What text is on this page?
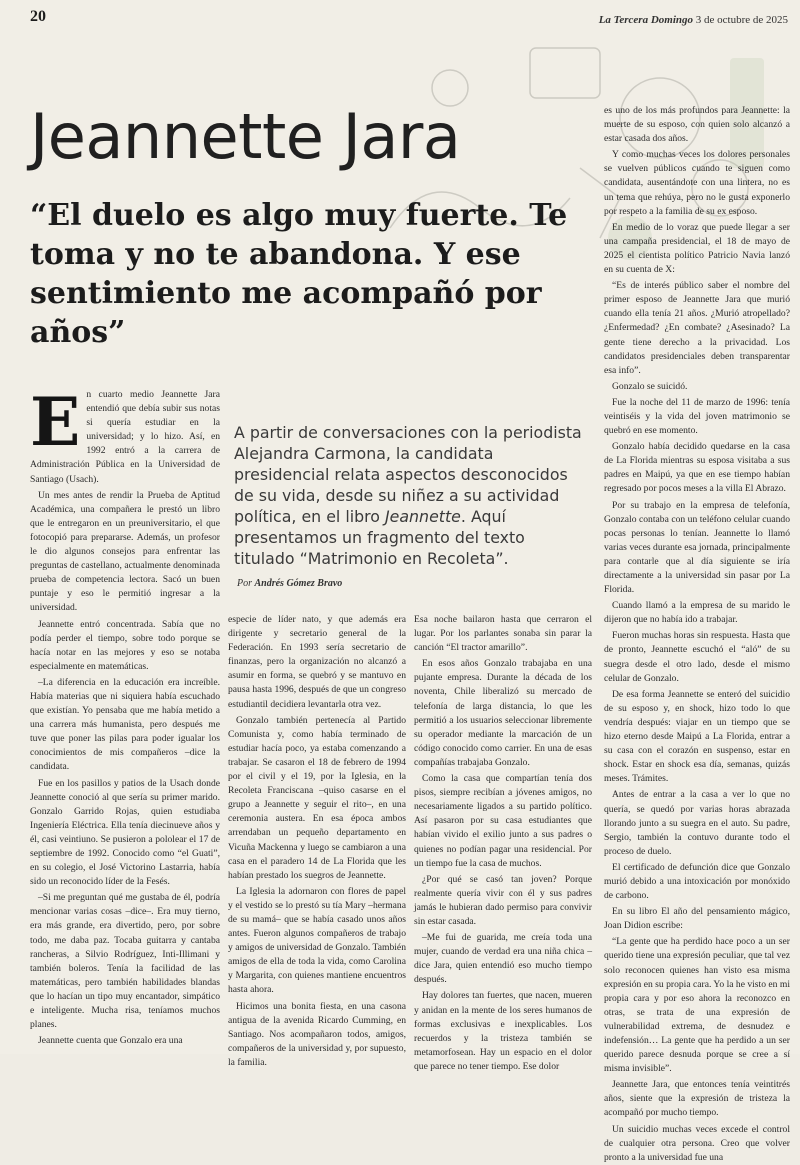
20	La Tercera Domingo 3 de octubre de 2025
Jeannette Jara
“El duelo es algo muy fuerte. Te toma y no te abandona. Y ese sentimiento me acompañó por años”

En cuarto medio Jeannette Jara entendió que debía subir sus notas si quería estudiar en la universidad; y lo hizo. Así, en 1992 entró a la carrera de Administración Pública en la Universidad de Santiago (Usach).

Un mes antes de rendir la Prueba de Aptitud Académica, una compañera le prestó un libro que le entregaron en un preuniversitario, el que fotocopió para prepararse. Además, un profesor le dio algunos consejos para enfrentar las preguntas de castellano, actualmente denominada prueba de competencia lectora. Sacó un buen puntaje y eso le permitió ingresar a la universidad.

Jeannette entró concentrada. Sabía que no podía perder el tiempo, sobre todo porque se hacía notar en las mejores y eso se notaba especialmente en matemáticas.

–La diferencia en la educación era increíble. Había materias que ni siquiera había escuchado que existían. Yo pensaba que me había metido a una carrera más humanista, pero después me tuve que poner las pilas para poder igualar los conocimientos de mis compañeros –dice la candidata.

Fue en los pasillos y patios de la Usach donde Jeannette conoció al que sería su primer marido. Gonzalo Garrido Rojas, quien estudiaba Ingeniería Eléctrica. Ella tenía diecinueve años y él, casi veintiuno. Se pusieron a pololear el 17 de septiembre de 1992. Conocido como “el Guati”, en su colegio, el José Victorino Lastarria, había sido un reconocido líder de la Fesés.

–Si me preguntan qué me gustaba de él, podría mencionar varias cosas –dice–. Era muy tierno, era más grande, era divertido, pero, por sobre todo, me daba paz. Tocaba guitarra y cantaba rancheras, a Silvio Rodríguez, Inti-Illimani y también boleros. Tenía la facilidad de las matemáticas, pero también habilidades blandas que lo hacían un tipo muy encantador, simpático e inteligente. Mucha risa, teníamos muchos planes.

Jeannette cuenta que Gonzalo era una

A partir de conversaciones con la periodista Alejandra Carmona, la candidata presidencial relata aspectos desconocidos de su vida, desde su niñez a su actividad política, en el libro Jeannette. Aquí presentamos un fragmento del texto titulado “Matrimonio en Recoleta”.
Por Andrés Gómez Bravo

especie de líder nato, y que además era dirigente y secretario general de la Federación. En 1993 sería secretario de finanzas, pero la organización no alcanzó a asumir en forma, se quebró y se mantuvo en pausa hasta 1996, después de que un congreso estudiantil decidiera levantarla otra vez.

Gonzalo también pertenecía al Partido Comunista y, como había terminado de estudiar hacía poco, ya estaba comenzando a trabajar. Se casaron el 18 de febrero de 1994 por el civil y el 19, por la Iglesia, en la Recoleta Franciscana –quiso casarse en el grupo a Jeannette y seguir el rito–, en una ceremonia austera. En esa época ambos arrendaban un pequeño departamento en Vicuña Mackenna y luego se cambiaron a una casa en el paradero 14 de La Florida que les habían prestado los suegros de Jeannette.

La Iglesia la adornaron con flores de papel y el vestido se lo prestó su tía Mary –hermana de su mamá– que se había casado unos años antes. Fueron algunos compañeros de trabajo y amigos de universidad de Gonzalo. También amigos de ella de toda la vida, como Carolina y Margarita, con quienes mantiene encuentros hasta ahora.

Hicimos una bonita fiesta, en una casona antigua de la avenida Ricardo Cumming, en Santiago. Nos acompañaron todos, amigos, compañeros de la universidad y, por supuesto, la familia.

Esa noche bailaron hasta que cerraron el lugar. Por los parlantes sonaba sin parar la canción “El tractor amarillo”.

En esos años Gonzalo trabajaba en una pujante empresa. Durante la década de los noventa, Chile liberalizó su mercado de telefonía de larga distancia, lo que les permitió a los usuarios seleccionar libremente su operador mediante la marcación de un código conocido como carrier. En una de esas compañías trabajaba Gonzalo.

Como la casa que compartían tenía dos pisos, siempre recibían a jóvenes amigos, no necesariamente ligados a su partido político. Así pasaron por su casa estudiantes que habían vivido el exilio junto a sus padres o quienes no podían pagar una residencial. Por un tiempo fue la casa de muchos.

¿Por qué se casó tan joven? Porque realmente quería vivir con él y sus padres jamás le hubieran dado permiso para convivir sin estar casada.

–Me fui de guarida, me creía toda una mujer, cuando de verdad era una niña chica –dice Jara, quien entendió eso mucho tiempo después.

Hay dolores tan fuertes, que nacen, mueren y anidan en la mente de los seres humanos de formas exclusivas e inexplicables. Los recuerdos y la tristeza también se metamorfosean. Hay un espacio en el dolor que parece no tener tiempo. Ese dolor

es uno de los más profundos para Jeannette: la muerte de su esposo, con quien solo alcanzó a estar casada dos años.

Y como muchas veces los dolores personales se vuelven públicos cuando te siguen como candidata, ausentándote con una lintera, no es un tema que rehúya, pero no le gusta exponerlo por respeto a la familia de su ex esposo.

En medio de lo voraz que puede llegar a ser una campaña presidencial, el 18 de mayo de 2025 el cientista político Patricio Navia lanzó en su cuenta de X:

“Es de interés público saber el nombre del primer esposo de Jeannette Jara que murió cuando ella tenía 21 años. ¿Murió atropellado? ¿Enfermedad? ¿En combate? ¿Asesinado? La gente tiene derecho a la privacidad. Los candidatos presidenciales deben transparentar esa info”.

Gonzalo se suicidó.

Fue la noche del 11 de marzo de 1996: tenía veintiséis y la vida del joven matrimonio se quebró en ese momento.

Gonzalo había decidido quedarse en la casa de La Florida mientras su esposa visitaba a sus padres en Maipú, ya que en ese tiempo habían regresado por pocos meses a la villa El Abrazo.

Por su trabajo en la empresa de telefonía, Gonzalo contaba con un teléfono celular cuando pocas personas lo tenían. Jeannette lo llamó varias veces durante esa jornada, principalmente para contarle que al día siguiente se iría directamente a la universidad sin pasar por La Florida.

Cuando llamó a la empresa de su marido le dijeron que no había ido a trabajar.

Fueron muchas horas sin respuesta. Hasta que de pronto, Jeannette escuchó el “aló” de su suegra desde el otro lado, desde el mismo celular de Gonzalo.

De esa forma Jeannette se enteró del suicidio de su esposo y, en shock, hizo todo lo que vendría después: viajar en un tiempo que se hizo eterno desde Maipú a La Florida, entrar a su casa con el corazón en suspenso, estar en shock. Estar en shock esa día, semanas, quizás meses. Trámites.

Antes de entrar a la casa a ver lo que no quería, se quedó por varias horas abrazada llorando junto a su suegra en el auto. Su padre, Sergio, también la contuvo durante todo el proceso de duelo.

El certificado de defunción dice que Gonzalo murió debido a una intoxicación por monóxido de carbono.

En su libro El año del pensamiento mágico, Joan Didion escribe:

“La gente que ha perdido hace poco a un ser querido tiene una expresión peculiar, que tal vez solo reconocen quienes han visto esa misma expresión en su propia cara. Yo la he visto en mi propia cara y por eso ahora la reconozco en otras, se trata de una expresión de vulnerabilidad extrema, de desnudez e indefensión… La gente que ha perdido a un ser querido parece desnuda porque se cree a sí misma invisible”.

Jeannette Jara, que entonces tenía veintitrés años, siente que la expresión de tristeza la acompañó por mucho tiempo.

Un suicidio muchas veces excede el control de cualquier otra persona. Creo que volver pronto a la universidad fue una
